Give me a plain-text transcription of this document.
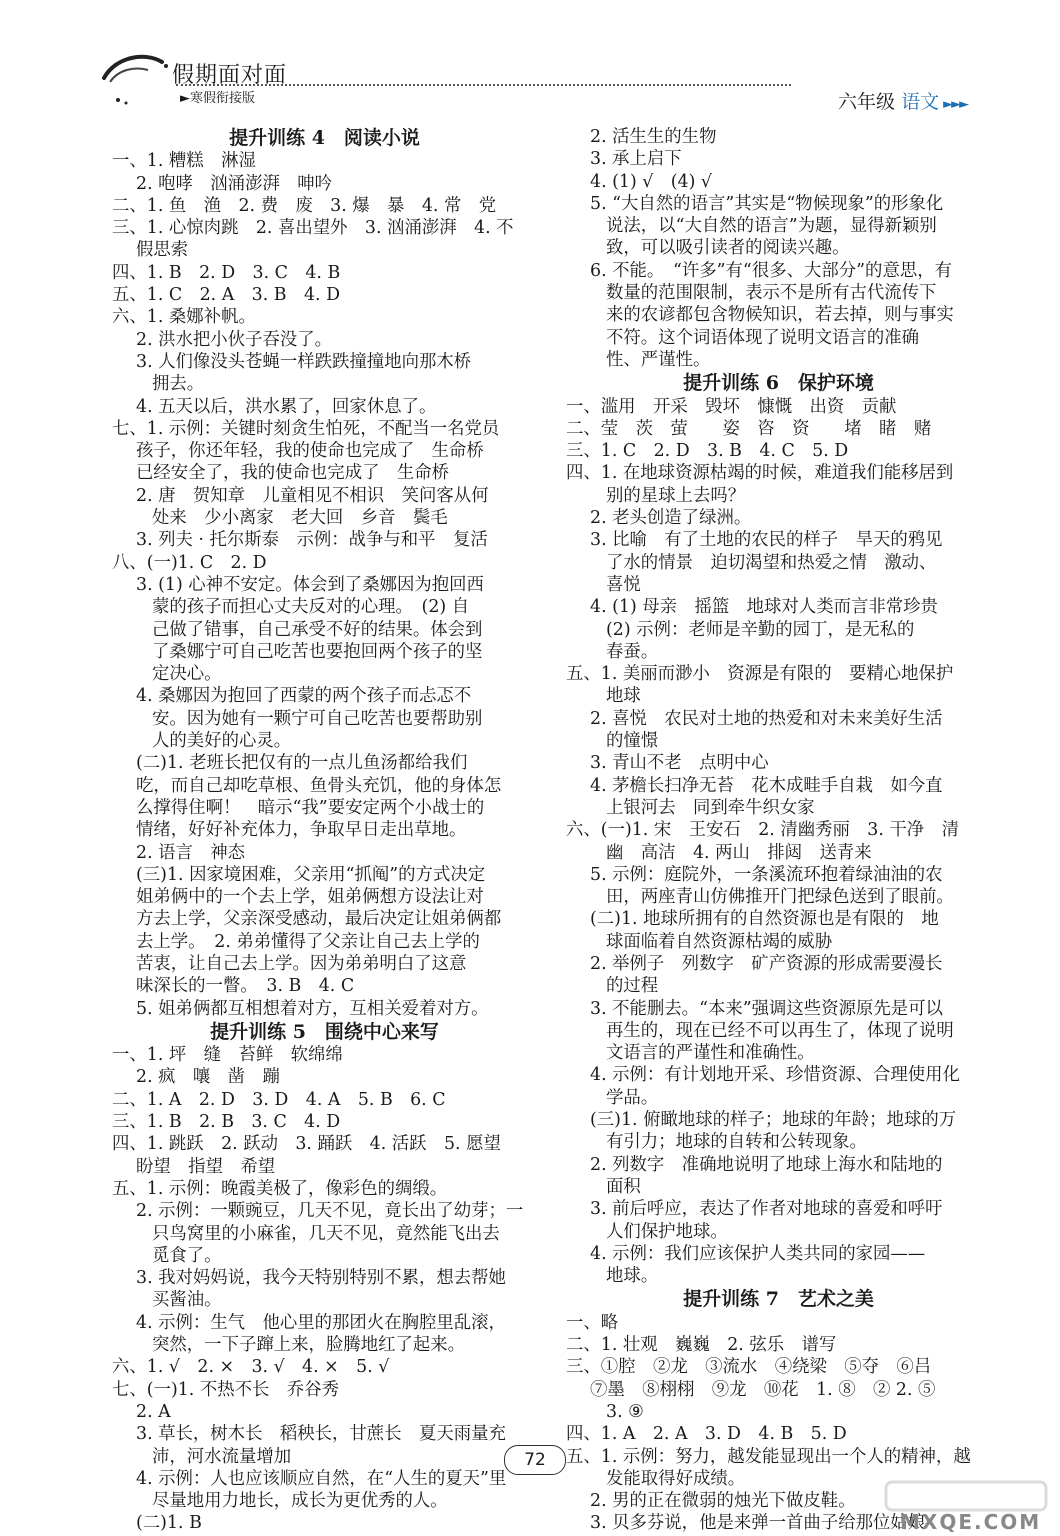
假期面对面
►寒假衔接版	六年级 语文 ►►►
提升训练 4　阅读小说
一、1. 糟糕　淋湿
2. 咆哮　汹涌澎湃　呻吟
二、1. 鱼　渔　2. 费　废　3. 爆　暴　4. 常　党
三、1. 心惊肉跳　2. 喜出望外　3. 汹涌澎湃　4. 不
假思索
四、1. B　2. D　3. C　4. B
五、1. C　2. A　3. B　4. D
六、1. 桑娜补帆。
2. 洪水把小伙子吞没了。
3. 人们像没头苍蝇一样跌跌撞撞地向那木桥
拥去。
4. 五天以后，洪水累了，回家休息了。
七、1. 示例：关键时刻贪生怕死，不配当一名党员
孩子，你还年轻，我的使命也完成了　生命桥
已经安全了，我的使命也完成了　生命桥
2. 唐　贺知章　儿童相见不相识　笑问客从何
处来　少小离家　老大回　乡音　鬓毛
3. 列夫 · 托尔斯泰　示例：战争与和平　复活
八、(一)1. C　2. D
3. (1) 心神不安定。体会到了桑娜因为抱回西
蒙的孩子而担心丈夫反对的心理。　(2) 自
己做了错事，自己承受不好的结果。体会到
了桑娜宁可自己吃苦也要抱回两个孩子的坚
定决心。
4. 桑娜因为抱回了西蒙的两个孩子而忐忑不
安。因为她有一颗宁可自己吃苦也要帮助别
人的美好的心灵。
(二)1. 老班长把仅有的一点儿鱼汤都给我们
吃，而自己却吃草根、鱼骨头充饥，他的身体怎
么撑得住啊！　暗示“我”要安定两个小战士的
情绪，好好补充体力，争取早日走出草地。
2. 语言　神态
(三)1. 因家境困难，父亲用“抓阄”的方式决定
姐弟俩中的一个去上学，姐弟俩想方设法让对
方去上学，父亲深受感动，最后决定让姐弟俩都
去上学。　2. 弟弟懂得了父亲让自己去上学的
苦衷，让自己去上学。因为弟弟明白了这意
味深长的一瞥。　3. B　4. C
5. 姐弟俩都互相想着对方，互相关爱着对方。
提升训练 5　围绕中心来写
一、1. 坪　缝　苔鲜　软绵绵
2. 疯　嚷　凿　蹦
二、1. A　2. D　3. D　4. A　5. B　6. C
三、1. B　2. B　3. C　4. D
四、1. 跳跃　2. 跃动　3. 踊跃　4. 活跃　5. 愿望
盼望　指望　希望
五、1. 示例：晚霞美极了，像彩色的绸缎。
2. 示例：一颗豌豆，几天不见，竟长出了幼芽；一
只鸟窝里的小麻雀，几天不见，竟然能飞出去
觅食了。
3. 我对妈妈说，我今天特别特别不累，想去帮她
买酱油。
4. 示例：生气　他心里的那团火在胸腔里乱滚，
突然，一下子蹿上来，脸腾地红了起来。
六、1. √　2. ×　3. √　4. ×　5. √
七、(一)1. 不热不长　乔谷秀
2. A
3. 草长，树木长　稻秧长，甘蔗长　夏天雨量充
沛，河水流量增加
4. 示例：人也应该顺应自然，在“人生的夏天”里
尽量地用力地长，成长为更优秀的人。
(二)1. B
2. 活生生的生物
3. 承上启下
4. (1) √　(4) √
5. “大自然的语言”其实是“物候现象”的形象化
说法，以“大自然的语言”为题，显得新颖别
致，可以吸引读者的阅读兴趣。
6. 不能。　“许多”有“很多、大部分”的意思，有
数量的范围限制，表示不是所有古代流传下
来的农谚都包含物候知识，若去掉，则与事实
不符。这个词语体现了说明文语言的准确
性、严谨性。
提升训练 6　保护环境
一、滥用　开采　毁坏　慷慨　出资　贡献
二、莹　茨　萤　　姿　咨　资　　堵　睹　赌
三、1. C　2. D　3. B　4. C　5. D
四、1. 在地球资源枯竭的时候，难道我们能移居到
别的星球上去吗？
2. 老头创造了绿洲。
3. 比喻　有了土地的农民的样子　旱天的鸦见
了水的情景　迫切渴望和热爱之情　激动、
喜悦
4. (1) 母亲　摇篮　地球对人类而言非常珍贵
(2) 示例：老师是辛勤的园丁，是无私的
春蚕。
五、1. 美丽而渺小　资源是有限的　要精心地保护
地球
2. 喜悦　农民对土地的热爱和对未来美好生活
的憧憬
3. 青山不老　点明中心
4. 茅檐长扫净无苔　花木成畦手自栽　如今直
上银河去　同到牵牛织女家
六、(一)1. 宋　王安石　2. 清幽秀丽　3. 干净　清
幽　高洁　4. 两山　排闼　送青来
5. 示例：庭院外，一条溪流环抱着绿油油的农
田，两座青山仿佛推开门把绿色送到了眼前。
(二)1. 地球所拥有的自然资源也是有限的　地
球面临着自然资源枯竭的威胁
2. 举例子　列数字　矿产资源的形成需要漫长
的过程
3. 不能删去。“本来”强调这些资源原先是可以
再生的，现在已经不可以再生了，体现了说明
文语言的严谨性和准确性。
4. 示例：有计划地开采、珍惜资源、合理使用化
学品。
(三)1. 俯瞰地球的样子；地球的年龄；地球的万
有引力；地球的自转和公转现象。
2. 列数字　准确地说明了地球上海水和陆地的
面积
3. 前后呼应，表达了作者对地球的喜爱和呼吁
人们保护地球。
4. 示例：我们应该保护人类共同的家园——
地球。
提升训练 7　艺术之美
一、略
二、1. 壮观　巍巍　2. 弦乐　谱写
三、①腔　②龙　③流水　④绕梁　⑤夺　⑥吕
⑦墨　⑧栩栩　⑨龙　⑩花　1. ⑧　② 2. ⑤
3. ⑨
四、1. A　2. A　3. D　4. B　5. D
五、1. 示例：努力，越发能显现出一个人的精神，越
发能取得好成绩。
2. 男的正在微弱的烛光下做皮鞋。
3. 贝多芬说，他是来弹一首曲子给那位姑娘
72
MXQE.COM
